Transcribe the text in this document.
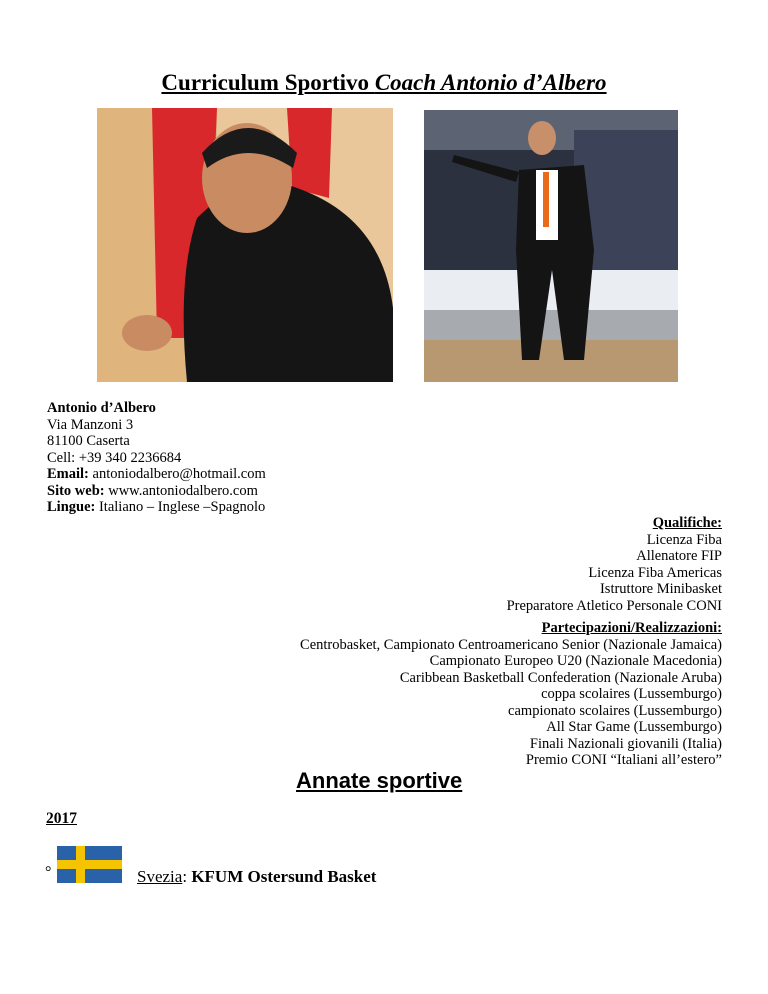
Curriculum Sportivo Coach Antonio d’Albero
Antonio d’Albero
Via Manzoni 3
81100 Caserta
Cell: +39 340 2236684
Email: antoniodalbero@hotmail.com
Sito web: www.antoniodalbero.com
Lingue: Italiano – Inglese –Spagnolo
Qualifiche:
Licenza Fiba
Allenatore FIP
Licenza Fiba Americas
Istruttore Minibasket
Preparatore Atletico Personale CONI
Partecipazioni/Realizzazioni:
Centrobasket, Campionato Centroamericano Senior (Nazionale Jamaica)
Campionato Europeo U20 (Nazionale Macedonia)
Caribbean Basketball Confederation (Nazionale Aruba)
coppa scolaires (Lussemburgo)
campionato scolaires (Lussemburgo)
All Star Game (Lussemburgo)
Finali Nazionali giovanili (Italia)
Premio CONI “Italiani all’estero”
Annate sportive
2017
°	Svezia: KFUM Ostersund Basket
